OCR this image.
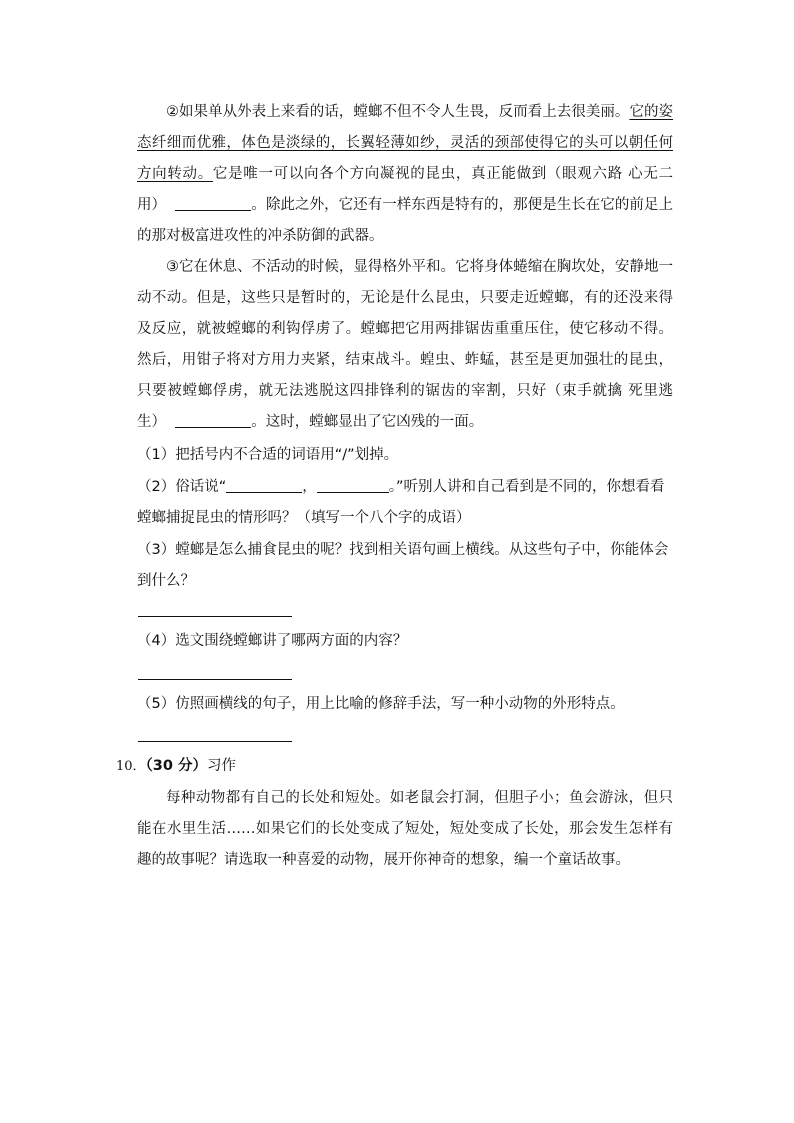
②如果单从外表上来看的话，螳螂不但不令人生畏，反而看上去很美丽。它的姿态纤细而优雅，体色是淡绿的，长翼轻薄如纱，灵活的颈部使得它的头可以朝任何方向转动。它是唯一可以向各个方向凝视的昆虫，真正能做到（眼观六路 心无二用）	。除此之外，它还有一样东西是特有的，那便是生长在它的前足上的那对极富进攻性的冲杀防御的武器。

③它在休息、不活动的时候，显得格外平和。它将身体蜷缩在胸坎处，安静地一动不动。但是，这些只是暂时的，无论是什么昆虫，只要走近螳螂，有的还没来得及反应，就被螳螂的利钩俘虏了。螳螂把它用两排锯齿重重压住，使它移动不得。然后，用钳子将对方用力夹紧，结束战斗。蝗虫、蚱蜢，甚至是更加强壮的昆虫，只要被螳螂俘虏，就无法逃脱这四排锋利的锯齿的宰割，只好（束手就擒 死里逃生）	。这时，螳螂显出了它凶残的一面。

（1）把括号内不合适的词语用“/”划掉。

（2）俗话说“	，	。”听别人讲和自己看到是不同的，你想看看螳螂捕捉昆虫的情形吗？（填写一个八个字的成语）

（3）螳螂是怎么捕食昆虫的呢？找到相关语句画上横线。从这些句子中，你能体会到什么？

（4）选文围绕螳螂讲了哪两方面的内容？

（5）仿照画横线的句子，用上比喻的修辞手法，写一种小动物的外形特点。

10．（30 分）习作

每种动物都有自己的长处和短处。如老鼠会打洞，但胆子小；鱼会游泳，但只能在水里生活……如果它们的长处变成了短处，短处变成了长处，那会发生怎样有趣的故事呢？请选取一种喜爱的动物，展开你神奇的想象，编一个童话故事。
